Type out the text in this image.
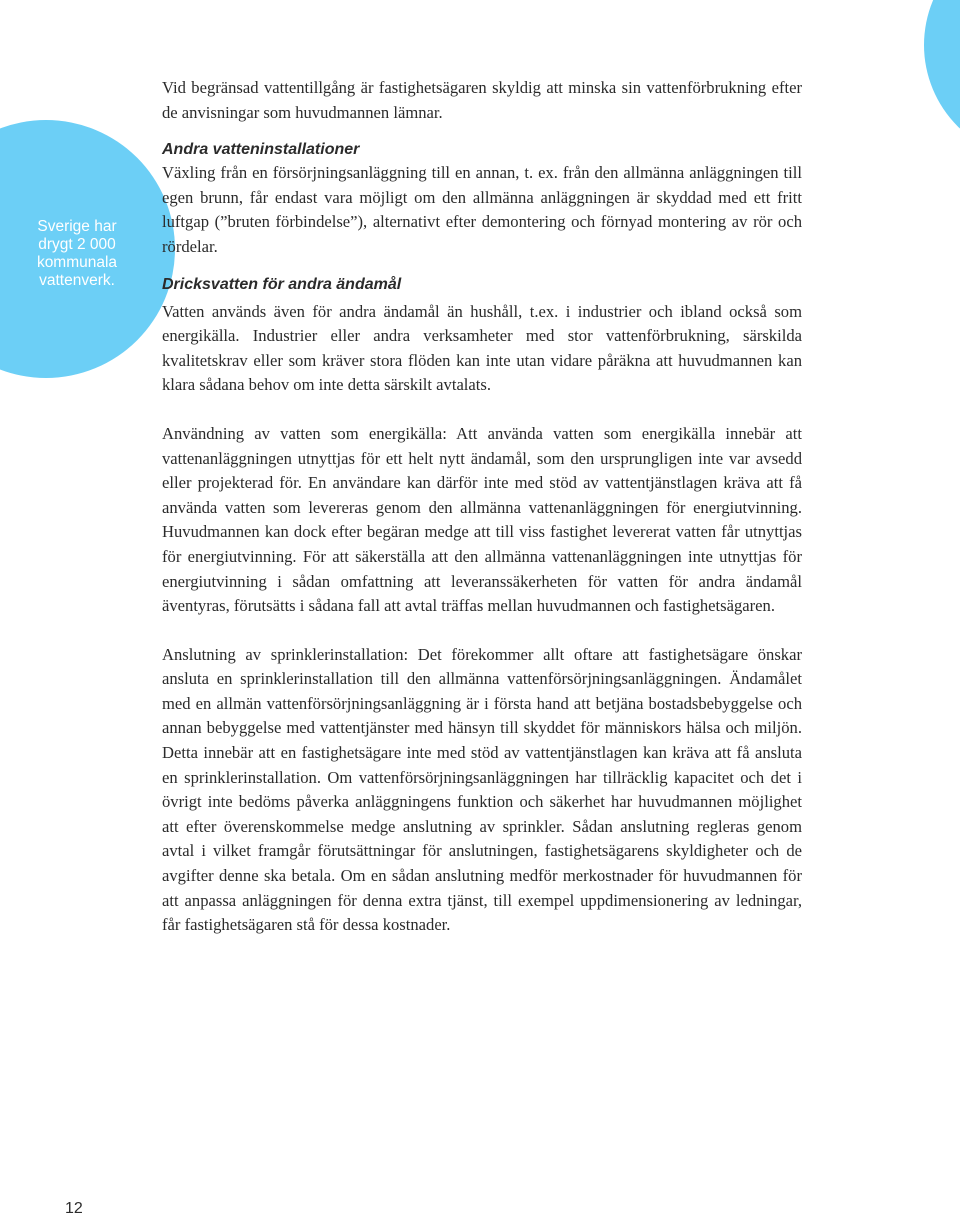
Sverige har
drygt 2 000
kommunala
vattenverk.

Vid begränsad vattentillgång är fastighetsägaren skyldig att minska sin vattenförbrukning efter de anvisningar som huvudmannen lämnar.

Andra vatteninstallationer

Växling från en försörjningsanläggning till en annan, t. ex. från den allmänna anläggningen till egen brunn, får endast vara möjligt om den allmänna anläggningen är skyddad med ett fritt luftgap (”bruten förbindelse”), alternativt efter demontering och förnyad montering av rör och rördelar.

Dricksvatten för andra ändamål

Vatten används även för andra ändamål än hushåll, t.ex. i industrier och ibland också som energikälla. Industrier eller andra verksamheter med stor vattenförbrukning, särskilda kvalitetskrav eller som kräver stora flöden kan inte utan vidare påräkna att huvudmannen kan klara sådana behov om inte detta särskilt avtalats.

Användning av vatten som energikälla: Att använda vatten som energikälla innebär att vattenanläggningen utnyttjas för ett helt nytt ändamål, som den ursprungligen inte var avsedd eller projekterad för. En användare kan därför inte med stöd av vattentjänstlagen kräva att få använda vatten som levereras genom den allmänna vattenanläggningen för energiutvinning. Huvudmannen kan dock efter begäran medge att till viss fastighet levererat vatten får utnyttjas för energiutvinning. För att säkerställa att den allmänna vattenanläggningen inte utnyttjas för energiutvinning i sådan omfattning att leveranssäkerheten för vatten för andra ändamål äventyras, förutsätts i sådana fall att avtal träffas mellan huvudmannen och fastighetsägaren.

Anslutning av sprinklerinstallation: Det förekommer allt oftare att fastighetsägare önskar ansluta en sprinklerinstallation till den allmänna vattenförsörjningsanläggningen. Ändamålet med en allmän vattenförsörjningsanläggning är i första hand att betjäna bostadsbebyggelse och annan bebyggelse med vattentjänster med hänsyn till skyddet för människors hälsa och miljön. Detta innebär att en fastighetsägare inte med stöd av vattentjänstlagen kan kräva att få ansluta en sprinklerinstallation. Om vattenförsörjningsanläggningen har tillräcklig kapacitet och det i övrigt inte bedöms påverka anläggningens funktion och säkerhet har huvudmannen möjlighet att efter överenskommelse medge anslutning av sprinkler. Sådan anslutning regleras genom avtal i vilket framgår förutsättningar för anslutningen, fastighetsägarens skyldigheter och de avgifter denne ska betala. Om en sådan anslutning medför merkostnader för huvudmannen för att anpassa anläggningen för denna extra tjänst, till exempel uppdimensionering av ledningar, får fastighetsägaren stå för dessa kostnader.

12
